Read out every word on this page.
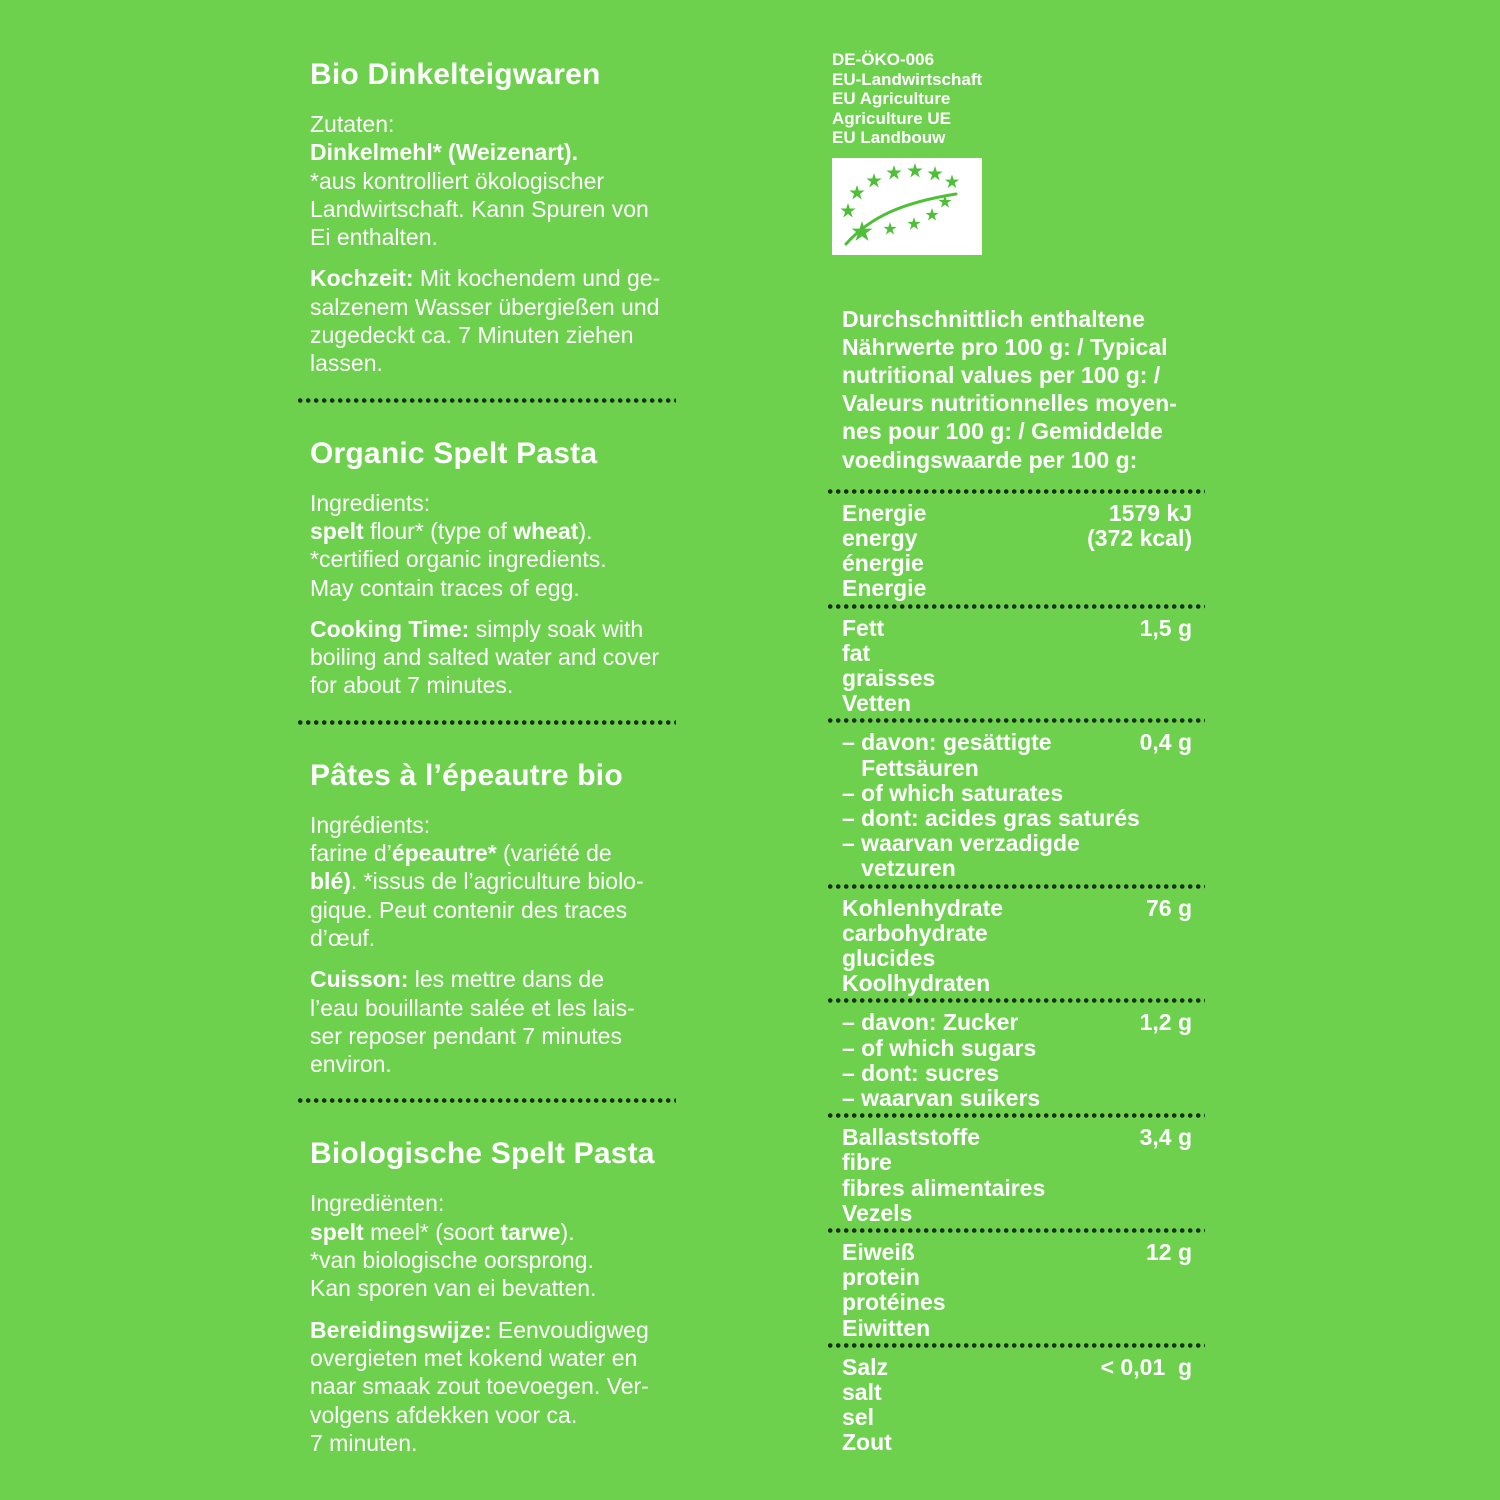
Bio Dinkelteigwaren
Zutaten:
Dinkelmehl* (Weizenart).
*aus kontrolliert ökologischer
Landwirtschaft. Kann Spuren von
Ei enthalten.
Kochzeit: Mit kochendem und ge-
salzenem Wasser übergießen und
zugedeckt ca. 7 Minuten ziehen
lassen.
Organic Spelt Pasta
Ingredients:
spelt flour* (type of wheat).
*certified organic ingredients.
May contain traces of egg.
Cooking Time: simply soak with
boiling and salted water and cover
for about 7 minutes.
Pâtes à l’épeautre bio
Ingrédients:
farine d’épeautre* (variété de
blé). *issus de l’agriculture biolo-
gique. Peut contenir des traces
d’œuf.
Cuisson: les mettre dans de
l’eau bouillante salée et les lais-
ser reposer pendant 7 minutes
environ.
Biologische Spelt Pasta
Ingrediënten:
spelt meel* (soort tarwe).
*van biologische oorsprong.
Kan sporen van ei bevatten.
Bereidingswijze: Eenvoudigweg
overgieten met kokend water en
naar smaak zout toevoegen. Ver-
volgens afdekken voor ca.
7 minuten.
DE-ÖKO-006
EU-Landwirtschaft
EU Agriculture
Agriculture UE
EU Landbouw
Durchschnittlich enthaltene
Nährwerte pro 100 g: / Typical
nutritional values per 100 g: /
Valeurs nutritionnelles moyen-
nes pour 100 g: / Gemiddelde
voedingswaarde per 100 g:
Energie
energy
énergie
Energie
1579 kJ
(372 kcal)
Fett
fat
graisses
Vetten
1,5 g
– davon: gesättigte
Fettsäuren
– of which saturates
– dont: acides gras saturés
– waarvan verzadigde
vetzuren
0,4 g
Kohlenhydrate
carbohydrate
glucides
Koolhydraten
76 g
– davon: Zucker
– of which sugars
– dont: sucres
– waarvan suikers
1,2 g
Ballaststoffe
fibre
fibres alimentaires
Vezels
3,4 g
Eiweiß
protein
protéines
Eiwitten
12 g
Salz
salt
sel
Zout
< 0,01  g
